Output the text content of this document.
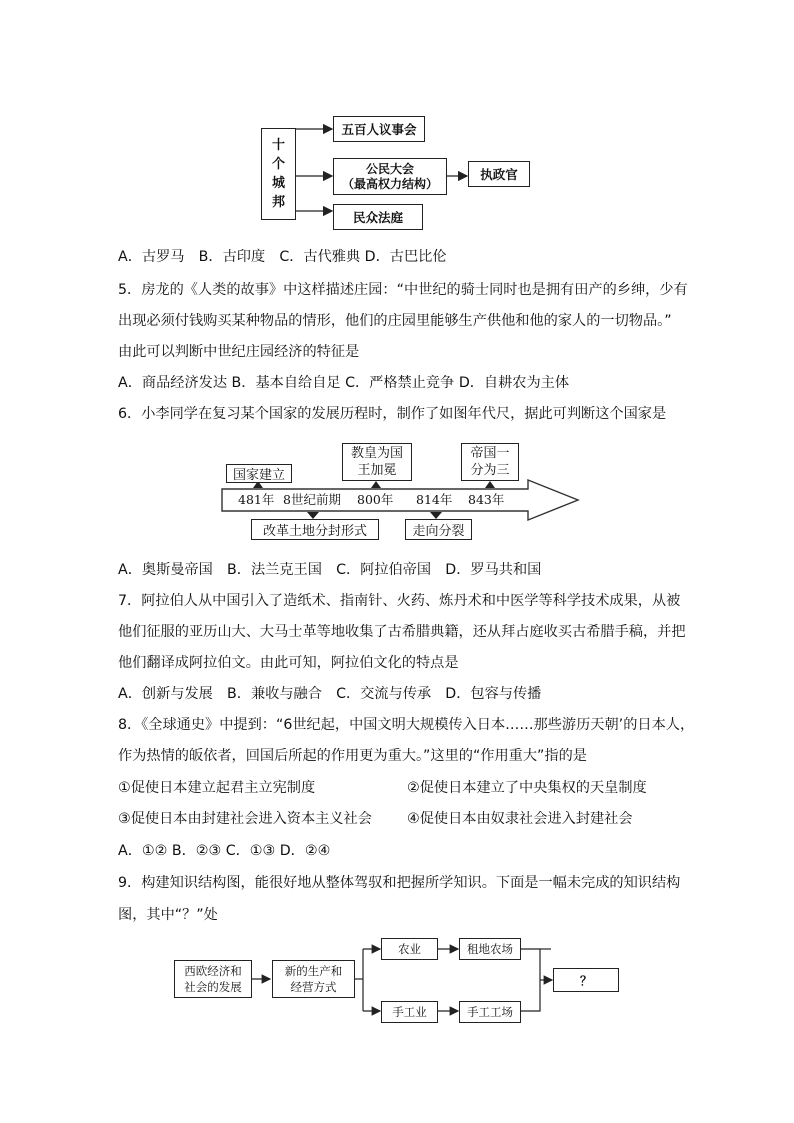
十
个
城
邦
五百人议事会
公民大会
（最高权力结构）
民众法庭
执政官
A．古罗马　B．古印度　C．古代雅典 D．古巴比伦
5．房龙的《人类的故事》中这样描述庄园：“中世纪的骑士同时也是拥有田产的乡绅，少有
出现必须付钱购买某种物品的情形，他们的庄园里能够生产供他和他的家人的一切物品。”
由此可以判断中世纪庄园经济的特征是
A．商品经济发达 B．基本自给自足 C．严格禁止竞争 D．自耕农为主体
6．小李同学在复习某个国家的发展历程时，制作了如图年代尺，据此可判断这个国家是
国家建立
教皇为国
王加冕
帝国一
分为三
改革土地分封形式	走向分裂
481年 8世纪前期 800年 814年 843年
A．奥斯曼帝国　B．法兰克王国　C．阿拉伯帝国　D．罗马共和国
7．阿拉伯人从中国引入了造纸术、指南针、火药、炼丹术和中医学等科学技术成果，从被
他们征服的亚历山大、大马士革等地收集了古希腊典籍，还从拜占庭收买古希腊手稿，并把
他们翻译成阿拉伯文。由此可知，阿拉伯文化的特点是
A．创新与发展　B．兼收与融合　C．交流与传承　D．包容与传播
8．《全球通史》中提到：“6世纪起，中国文明大规模传入日本……那些游历天朝’的日本人，
作为热情的皈依者，回国后所起的作用更为重大。”这里的“作用重大”指的是
①促使日本建立起君主立宪制度	②促使日本建立了中央集权的天皇制度
③促使日本由封建社会进入资本主义社会 ④促使日本由奴隶社会进入封建社会
A．①② B．②③ C．①③ D．②④
9．构建知识结构图，能很好地从整体驾驭和把握所学知识。下面是一幅未完成的知识结构
图，其中“？”处
西欧经济和
社会的发展
新的生产和
经营方式
农业	租地农场
手工业	手工工场
？
